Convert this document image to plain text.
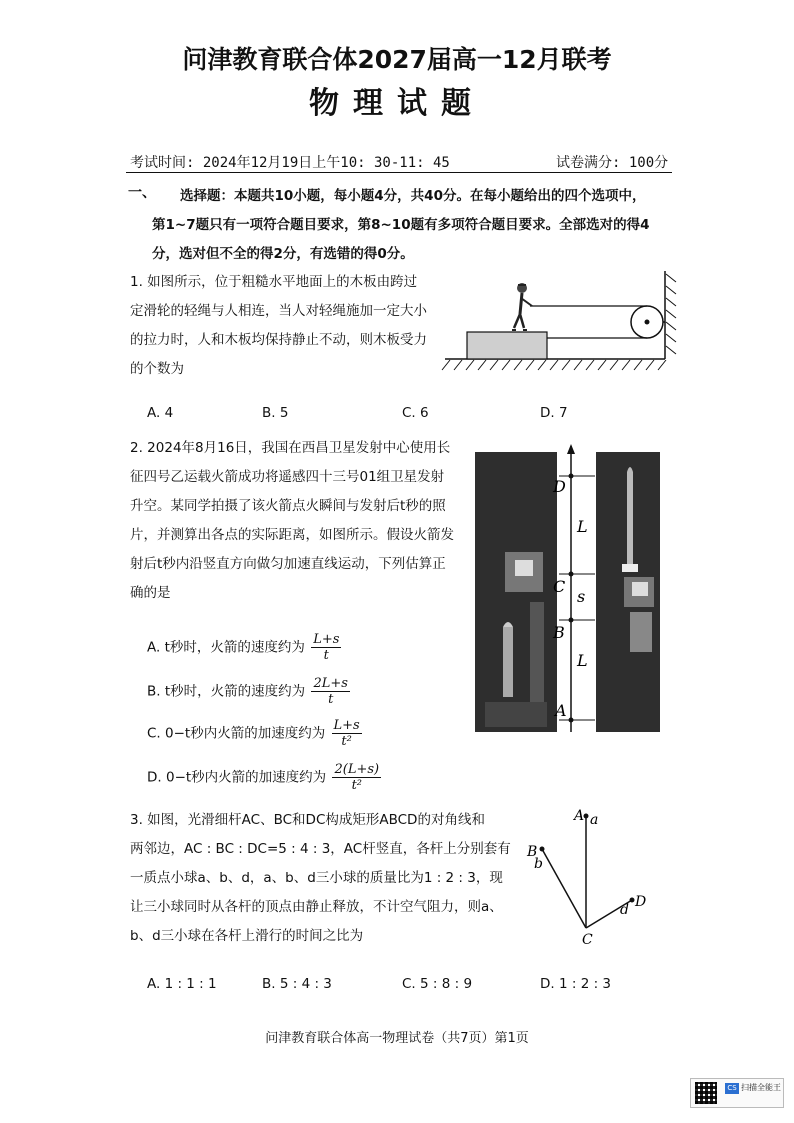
问津教育联合体2027届高一12月联考
物理试题
考试时间: 2024年12月19日上午10: 30-11: 45	试卷满分: 100分
一、 选择题：本题共10小题，每小题4分，共40分。在每小题给出的四个选项中，
第1~7题只有一项符合题目要求，第8~10题有多项符合题目要求。全部选对的得4
分，选对但不全的得2分，有选错的得0分。
1. 如图所示，位于粗糙水平地面上的木板由跨过
定滑轮的轻绳与人相连，当人对轻绳施加一定大小
的拉力时，人和木板均保持静止不动，则木板受力
的个数为
A. 4	B. 5	C. 6	D. 7
2. 2024年8月16日，我国在西昌卫星发射中心使用长
征四号乙运载火箭成功将遥感四十三号01组卫星发射
升空。某同学拍摄了该火箭点火瞬间与发射后t秒的照
片，并测算出各点的实际距离，如图所示。假设火箭发
射后t秒内沿竖直方向做匀加速直线运动，下列估算正
确的是
A. t秒时，火箭的速度约为 $\frac{L+s}{t}$
B. t秒时，火箭的速度约为 $\frac{2L+s}{t}$
C. 0−t秒内火箭的加速度约为 $\frac{L+s}{\text{t²}}$
D. 0−t秒内火箭的加速度约为 $\frac{2(L+s)}{\text{t²}}$
D
C
B
A
L
s
L
3. 如图，光滑细杆AC、BC和DC构成矩形ABCD的对角线和
两邻边，AC : BC : DC=5 : 4 : 3，AC杆竖直，各杆上分别套有
一质点小球a、b、d，a、b、d三小球的质量比为1 : 2 : 3，现
让三小球同时从各杆的顶点由静止释放，不计空气阻力，则a、
b、d三小球在各杆上滑行的时间之比为
A. 1 : 1 : 1	B. 5 : 4 : 3	C. 5 : 8 : 9	D. 1 : 2 : 3
A a
B
b
C
D
d
问津教育联合体高一物理试卷（共7页）第1页
CS 扫描全能王
